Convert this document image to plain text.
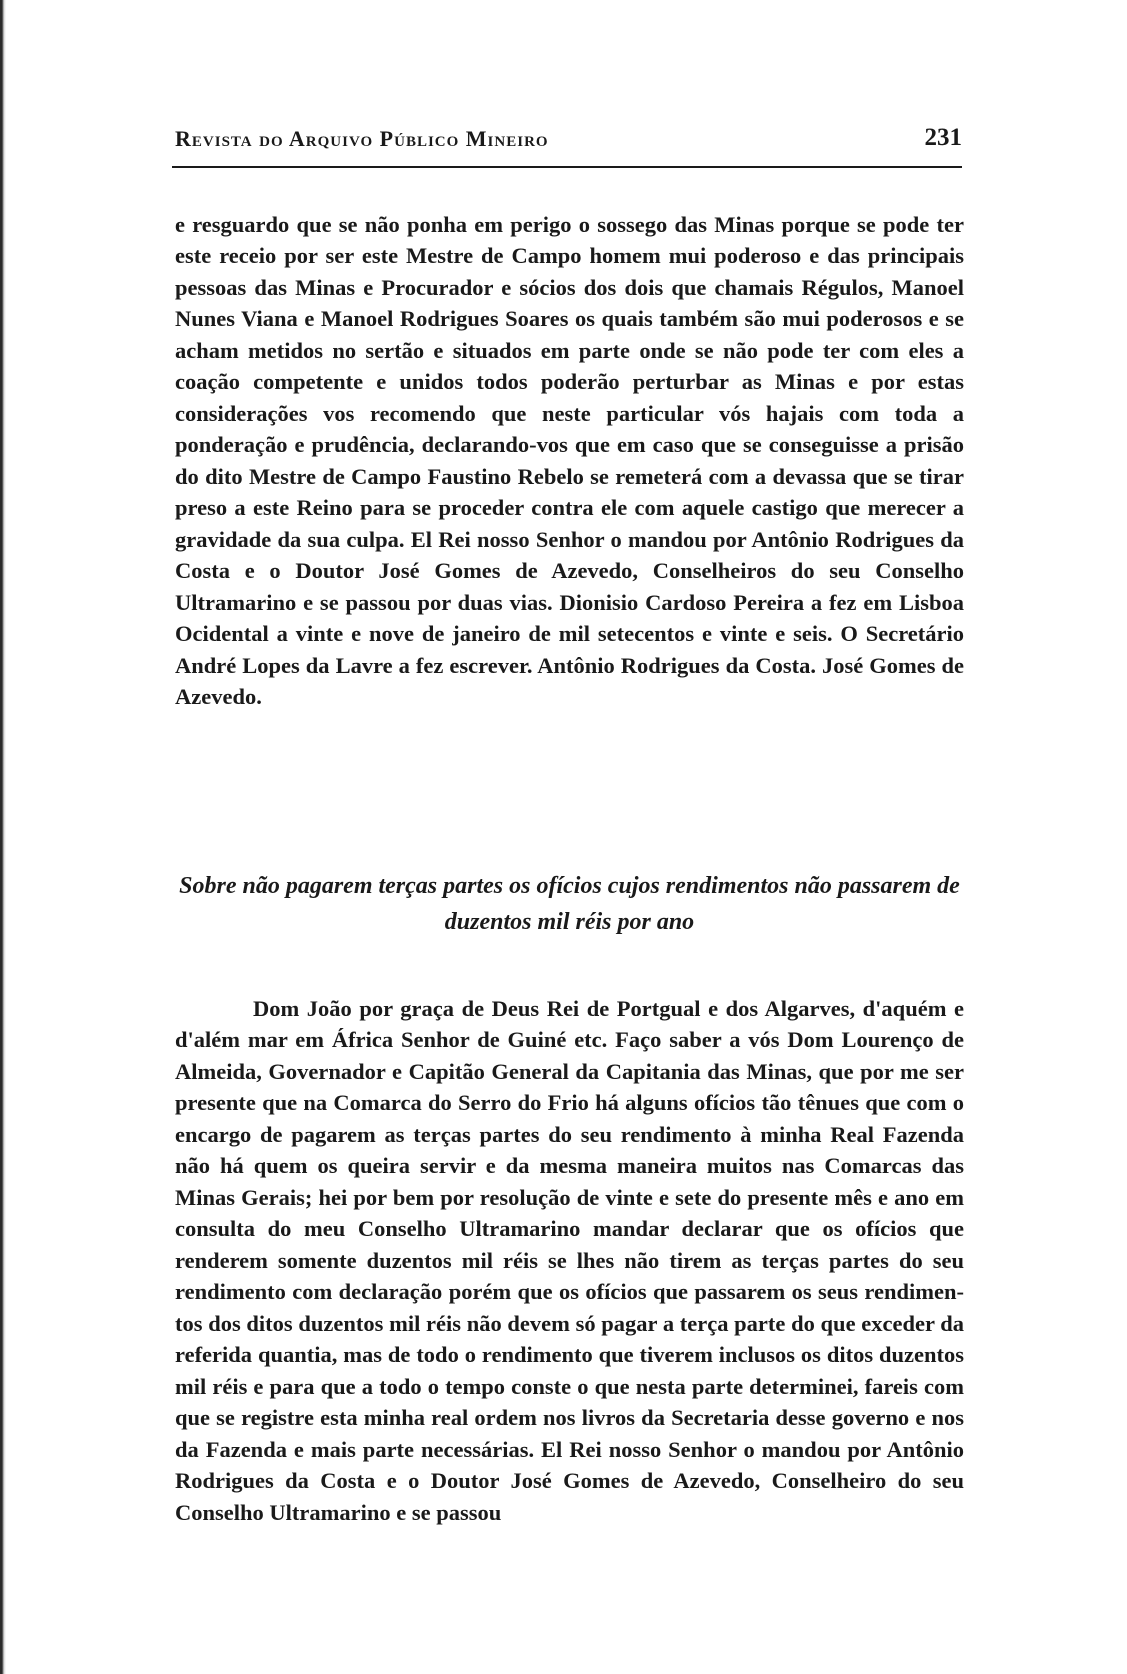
231
Revista do Arquivo Público Mineiro

e resguardo que se não ponha em perigo o sossego das Minas porque se pode ter este receio por ser este Mestre de Campo homem mui poderoso e das principais pessoas das Minas e Procurador e sócios dos dois que chamais Régulos, Manoel Nunes Viana e Manoel Rodrigues Soares os quais também são mui poderosos e se acham metidos no sertão e situados em parte onde se não pode ter com eles a coação competente e unidos todos poderão perturbar as Minas e por estas considerações vos recomendo que neste particular vós hajais com toda a ponderação e prudência, declarando-vos que em caso que se conseguisse a prisão do dito Mestre de Campo Faustino Rebelo se remeterá com a devassa que se tirar preso a este Reino para se proceder contra ele com aquele castigo que merecer a gravidade da sua culpa. El Rei nosso Senhor o mandou por Antônio Rodrigues da Costa e o Doutor José Gomes de Azevedo, Conselheiros do seu Conselho Ultramarino e se passou por duas vias. Dionisio Cardoso Pereira a fez em Lisboa Ocidental a vinte e nove de janeiro de mil setecentos e vinte e seis. O Secretário André Lopes da Lavre a fez escrever. Antônio Rodrigues da Costa. José Gomes de Azevedo.

Sobre não pagarem terças partes os ofícios cujos rendimentos não passarem de duzentos mil réis por ano

Dom João por graça de Deus Rei de Portgual e dos Algarves, d'aquém e d'além mar em África Senhor de Guiné etc. Faço saber a vós Dom Lourenço de Almeida, Governador e Capitão General da Capitania das Minas, que por me ser presente que na Comarca do Serro do Frio há alguns ofícios tão tênues que com o encargo de pagarem as terças partes do seu rendimento à minha Real Fazenda não há quem os queira servir e da mesma maneira muitos nas Comarcas das Minas Gerais; hei por bem por resolução de vinte e sete do presente mês e ano em consulta do meu Conselho Ultramarino mandar declarar que os ofícios que renderem somente duzentos mil réis se lhes não tirem as terças partes do seu rendimento com declaração porém que os ofícios que passarem os seus rendimentos dos ditos duzentos mil réis não devem só pagar a terça parte do que exceder da referida quantia, mas de todo o rendimento que tiverem inclusos os ditos duzentos mil réis e para que a todo o tempo conste o que nesta parte determinei, fareis com que se registre esta minha real ordem nos livros da Secretaria desse governo e nos da Fazenda e mais parte necessárias. El Rei nosso Senhor o mandou por Antônio Rodrigues da Costa e o Doutor José Gomes de Azevedo, Conselheiro do seu Conselho Ultramarino e se passou
